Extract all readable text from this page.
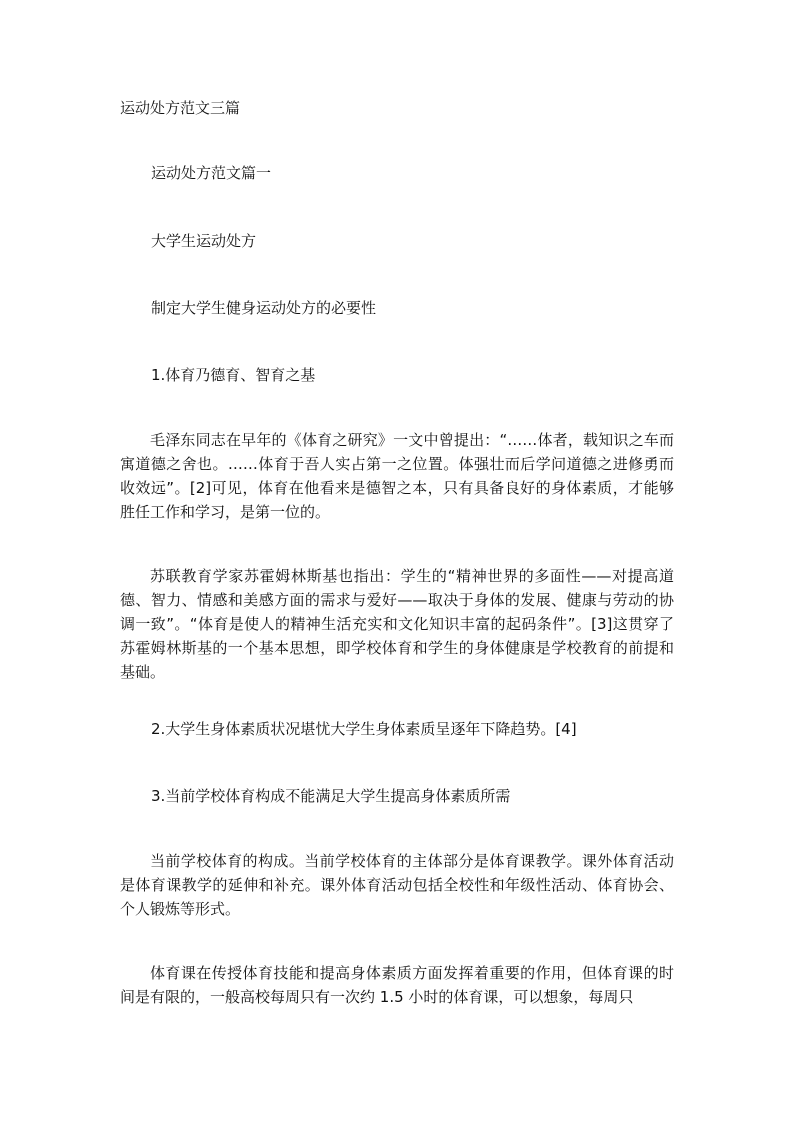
运动处方范文三篇

运动处方范文篇一

大学生运动处方

制定大学生健身运动处方的必要性

1.体育乃德育、智育之基

毛泽东同志在早年的《体育之研究》一文中曾提出：“……体者，载知识之车而寓道德之舍也。……体育于吾人实占第一之位置。体强壮而后学问道德之进修勇而收效远”。[2]可见，体育在他看来是德智之本，只有具备良好的身体素质，才能够胜任工作和学习，是第一位的。

苏联教育学家苏霍姆林斯基也指出：学生的“精神世界的多面性——对提高道德、智力、情感和美感方面的需求与爱好——取决于身体的发展、健康与劳动的协调一致”。“体育是使人的精神生活充实和文化知识丰富的起码条件”。[3]这贯穿了苏霍姆林斯基的一个基本思想，即学校体育和学生的身体健康是学校教育的前提和基础。

2.大学生身体素质状况堪忧大学生身体素质呈逐年下降趋势。[4]

3.当前学校体育构成不能满足大学生提高身体素质所需

当前学校体育的构成。当前学校体育的主体部分是体育课教学。课外体育活动是体育课教学的延伸和补充。课外体育活动包括全校性和年级性活动、体育协会、个人锻炼等形式。

体育课在传授体育技能和提高身体素质方面发挥着重要的作用，但体育课的时间是有限的，一般高校每周只有一次约 1.5 小时的体育课，可以想象，每周只
